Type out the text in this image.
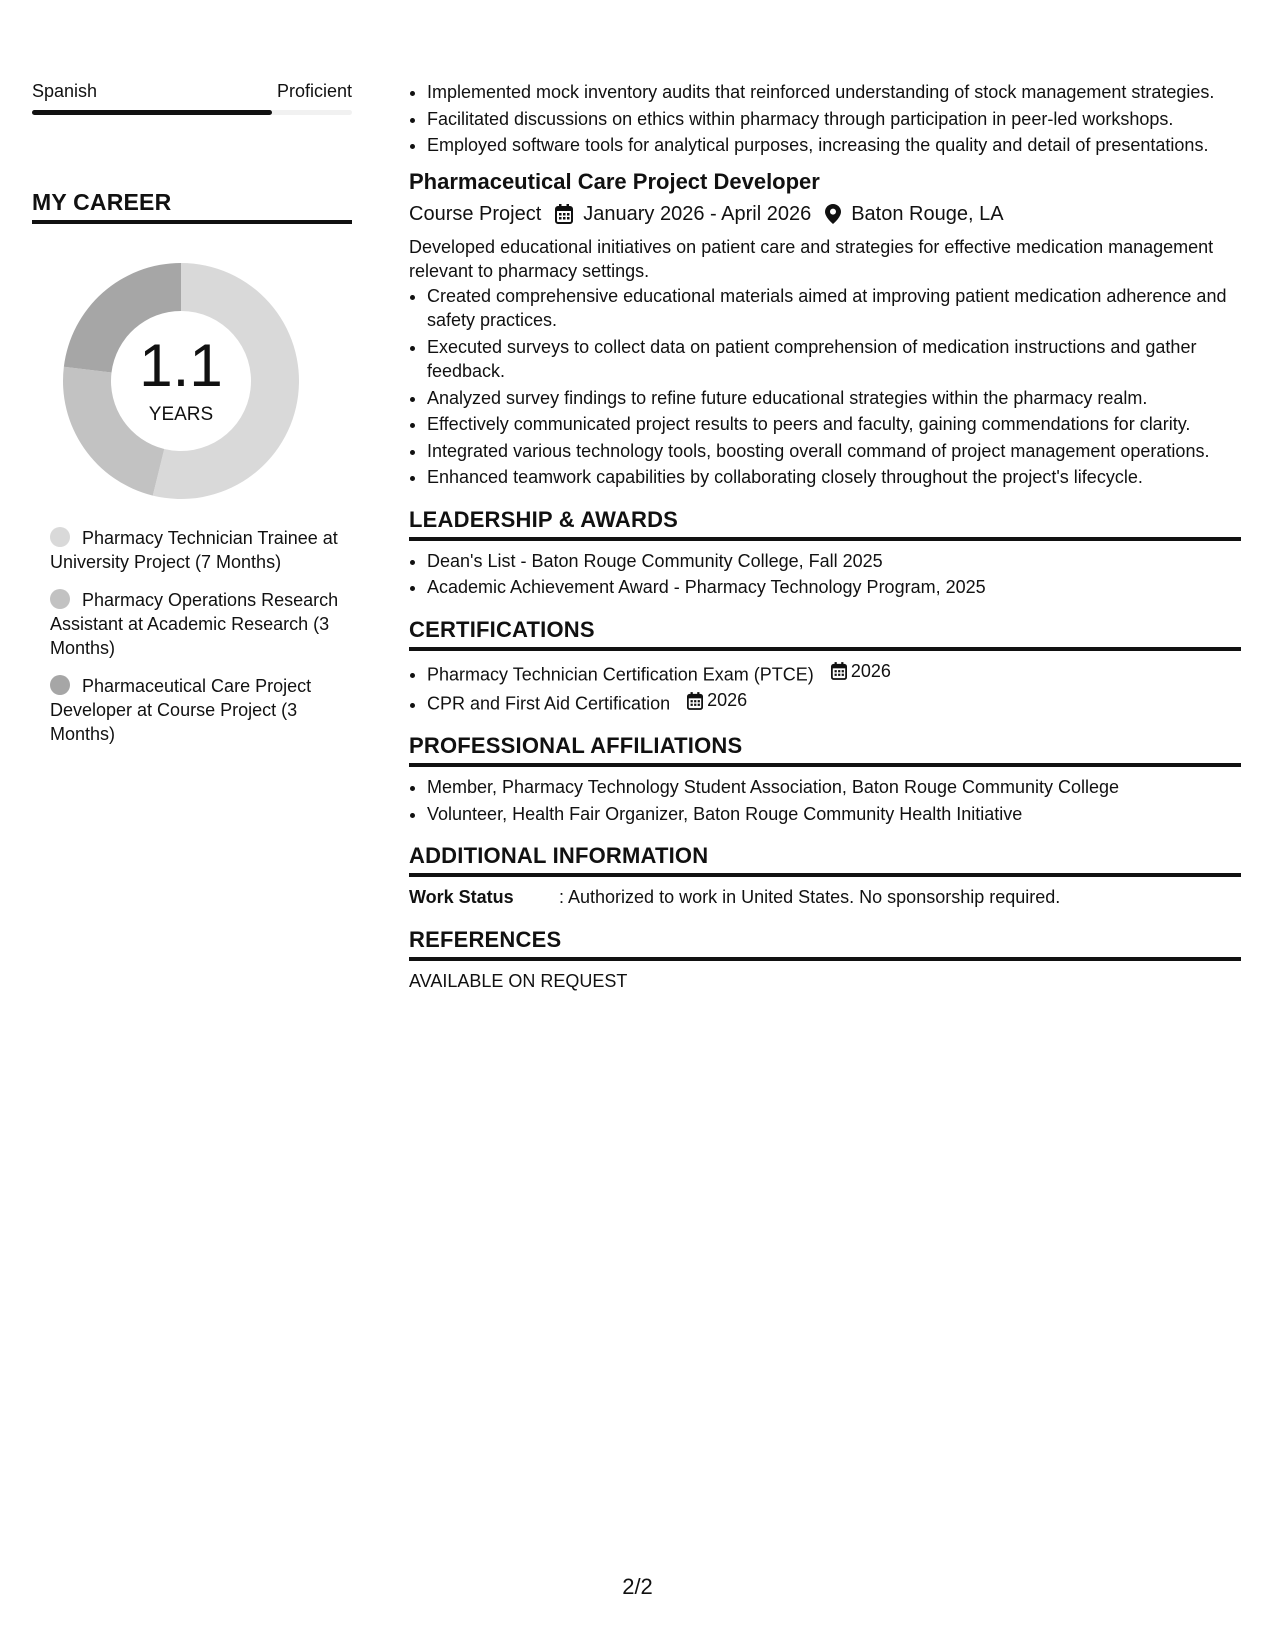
Spanish	Proficient
MY CAREER
1.1
YEARS
Pharmacy Technician Trainee at University Project (7 Months)
Pharmacy Operations Research Assistant at Academic Research (3 Months)
Pharmaceutical Care Project Developer at Course Project (3 Months)
• Implemented mock inventory audits that reinforced understanding of stock management strategies.
• Facilitated discussions on ethics within pharmacy through participation in peer-led workshops.
• Employed software tools for analytical purposes, increasing the quality and detail of presentations.
Pharmaceutical Care Project Developer
Course Project January 2026 - April 2026 Baton Rouge, LA
Developed educational initiatives on patient care and strategies for effective medication management relevant to pharmacy settings.
• Created comprehensive educational materials aimed at improving patient medication adherence and safety practices.
• Executed surveys to collect data on patient comprehension of medication instructions and gather feedback.
• Analyzed survey findings to refine future educational strategies within the pharmacy realm.
• Effectively communicated project results to peers and faculty, gaining commendations for clarity.
• Integrated various technology tools, boosting overall command of project management operations.
• Enhanced teamwork capabilities by collaborating closely throughout the project's lifecycle.
LEADERSHIP & AWARDS
• Dean's List - Baton Rouge Community College, Fall 2025
• Academic Achievement Award - Pharmacy Technology Program, 2025
CERTIFICATIONS
• Pharmacy Technician Certification Exam (PTCE) 2026
• CPR and First Aid Certification 2026
PROFESSIONAL AFFILIATIONS
• Member, Pharmacy Technology Student Association, Baton Rouge Community College
• Volunteer, Health Fair Organizer, Baton Rouge Community Health Initiative
ADDITIONAL INFORMATION
Work Status	: Authorized to work in United States. No sponsorship required.
REFERENCES
AVAILABLE ON REQUEST
2/2
